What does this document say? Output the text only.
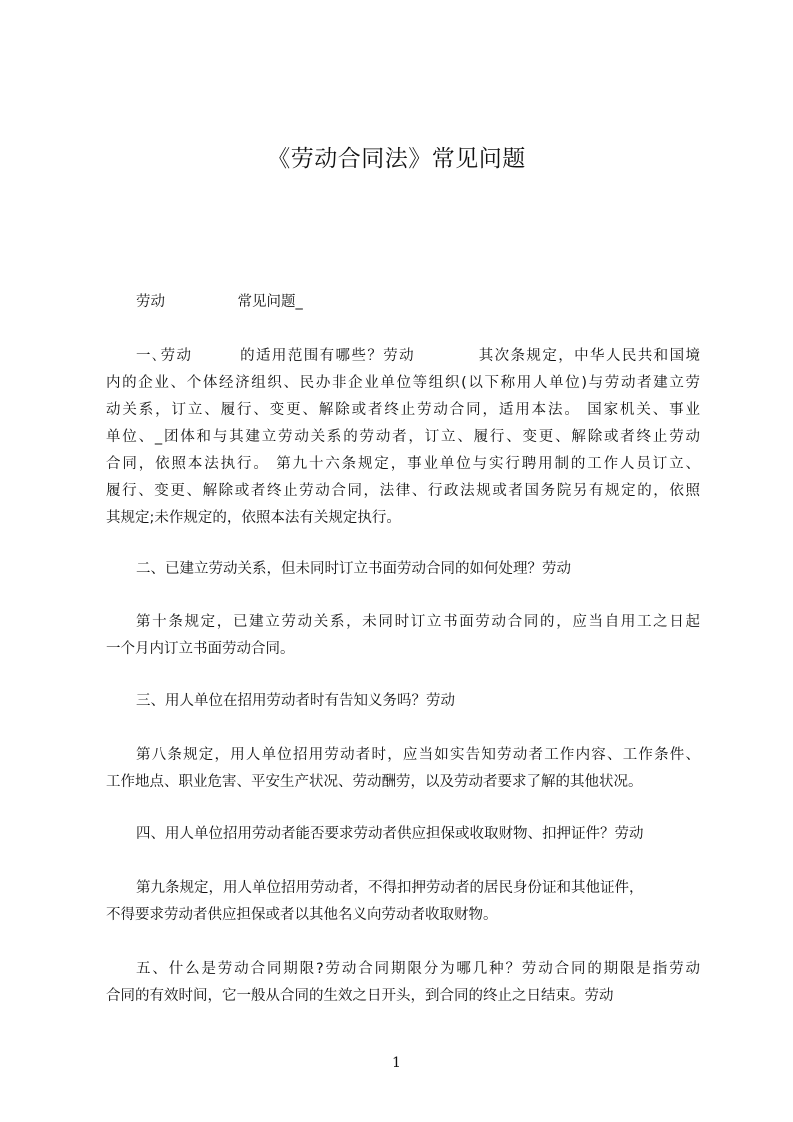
《劳动合同法》常见问题
劳动　　　　　常见问题_
一､劳动　　　的适用范围有哪些？劳动　　　　其次条规定，中华人民共和国境
内的企业、个体经济组织、民办非企业单位等组织(以下称用人单位)与劳动者建立劳
动关系，订立、履行、变更、解除或者终止劳动合同，适用本法。 国家机关、事业
单位、_团体和与其建立劳动关系的劳动者，订立、履行、变更、解除或者终止劳动
合同，依照本法执行。 第九十六条规定，事业单位与实行聘用制的工作人员订立、
履行、变更、解除或者终止劳动合同，法律、行政法规或者国务院另有规定的，依照
其规定;未作规定的，依照本法有关规定执行。
二、已建立劳动关系，但未同时订立书面劳动合同的如何处理？劳动
第十条规定，已建立劳动关系，未同时订立书面劳动合同的，应当自用工之日起
一个月内订立书面劳动合同。
三、用人单位在招用劳动者时有告知义务吗？劳动
第八条规定，用人单位招用劳动者时，应当如实告知劳动者工作内容、工作条件、
工作地点、职业危害、平安生产状况、劳动酬劳，以及劳动者要求了解的其他状况。
四、用人单位招用劳动者能否要求劳动者供应担保或收取财物、扣押证件？劳动
第九条规定，用人单位招用劳动者，不得扣押劳动者的居民身份证和其他证件，
不得要求劳动者供应担保或者以其他名义向劳动者收取财物。
五、什么是劳动合同期限?劳动合同期限分为哪几种？劳动合同的期限是指劳动
合同的有效时间，它一般从合同的生效之日开头，到合同的终止之日结束。劳动
1
